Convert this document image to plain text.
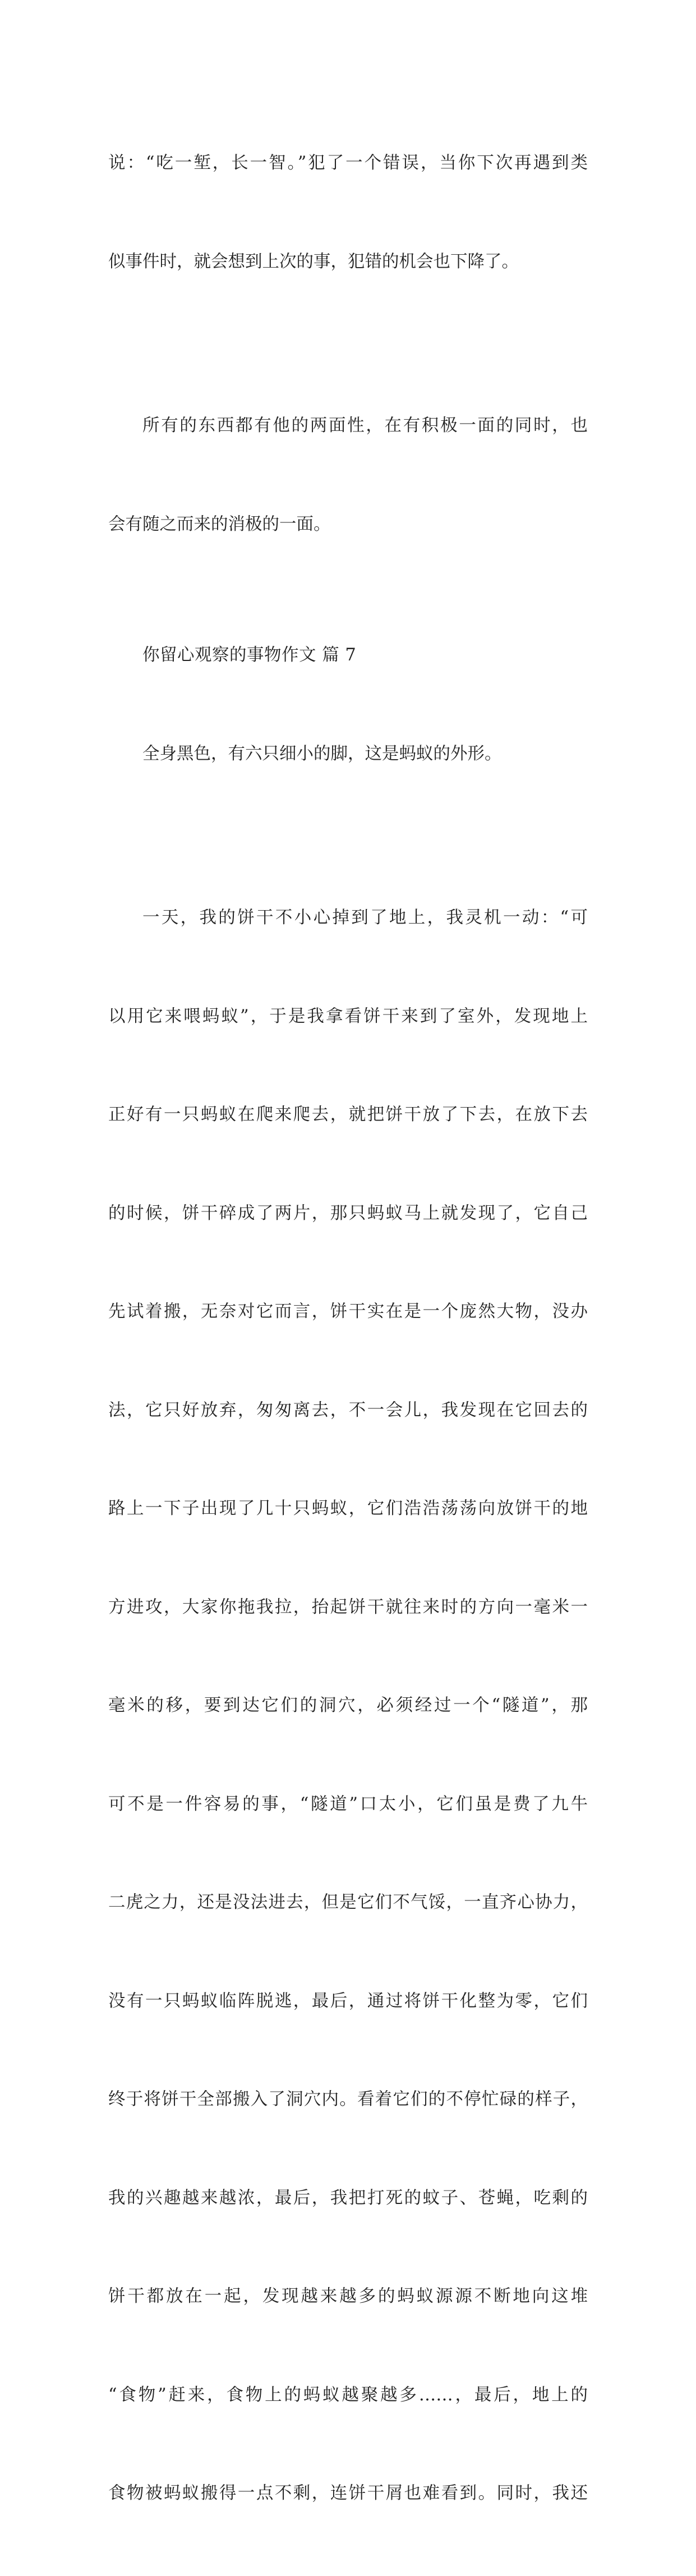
说：“吃一堑，长一智。”犯了一个错误，当你下次再遇到类

似事件时，就会想到上次的事，犯错的机会也下降了。

所有的东西都有他的两面性，在有积极一面的同时，也

会有随之而来的消极的一面。

你留心观察的事物作文 篇 7

全身黑色，有六只细小的脚，这是蚂蚁的外形。

一天，我的饼干不小心掉到了地上，我灵机一动：“可

以用它来喂蚂蚁”，于是我拿看饼干来到了室外，发现地上

正好有一只蚂蚁在爬来爬去，就把饼干放了下去，在放下去

的时候，饼干碎成了两片，那只蚂蚁马上就发现了，它自己

先试着搬，无奈对它而言，饼干实在是一个庞然大物，没办

法，它只好放弃，匆匆离去，不一会儿，我发现在它回去的

路上一下子出现了几十只蚂蚁，它们浩浩荡荡向放饼干的地

方进攻，大家你拖我拉，抬起饼干就往来时的方向一毫米一

毫米的移，要到达它们的洞穴，必须经过一个“隧道”，那

可不是一件容易的事，“隧道”口太小，它们虽是费了九牛

二虎之力，还是没法进去，但是它们不气馁，一直齐心协力，

没有一只蚂蚁临阵脱逃，最后，通过将饼干化整为零，它们

终于将饼干全部搬入了洞穴内。看着它们的不停忙碌的样子，

我的兴趣越来越浓，最后，我把打死的蚊子、苍蝇，吃剩的

饼干都放在一起，发现越来越多的蚂蚁源源不断地向这堆

“食物”赶来，食物上的蚂蚁越聚越多……，最后，地上的

食物被蚂蚁搬得一点不剩，连饼干屑也难看到。同时，我还
